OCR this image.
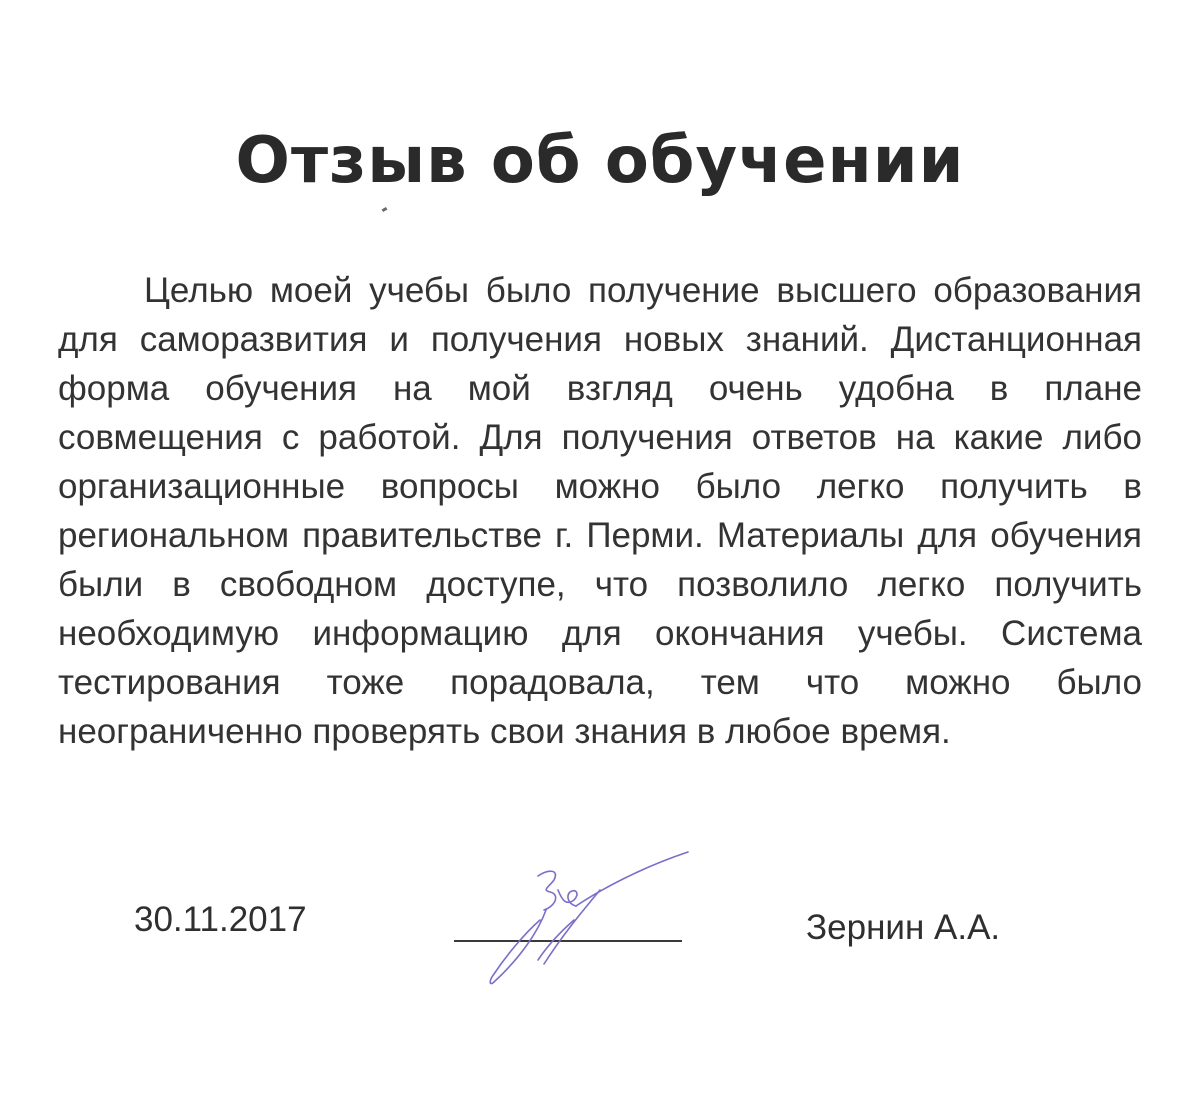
Отзыв об обучении

Целью моей учебы было получение высшего образования для саморазвития и получения новых знаний. Дистанционная форма обучения на мой взгляд очень удобна в плане совмещения с работой. Для получения ответов на какие либо организационные вопросы можно было легко получить в региональном правительстве г. Перми. Материалы для обучения были в свободном доступе, что позволило легко получить необходимую информацию для окончания учебы. Система тестирования тоже порадовала, тем что можно было неограниченно проверять свои знания в любое время.

30.11.2017	Зернин А.А.
